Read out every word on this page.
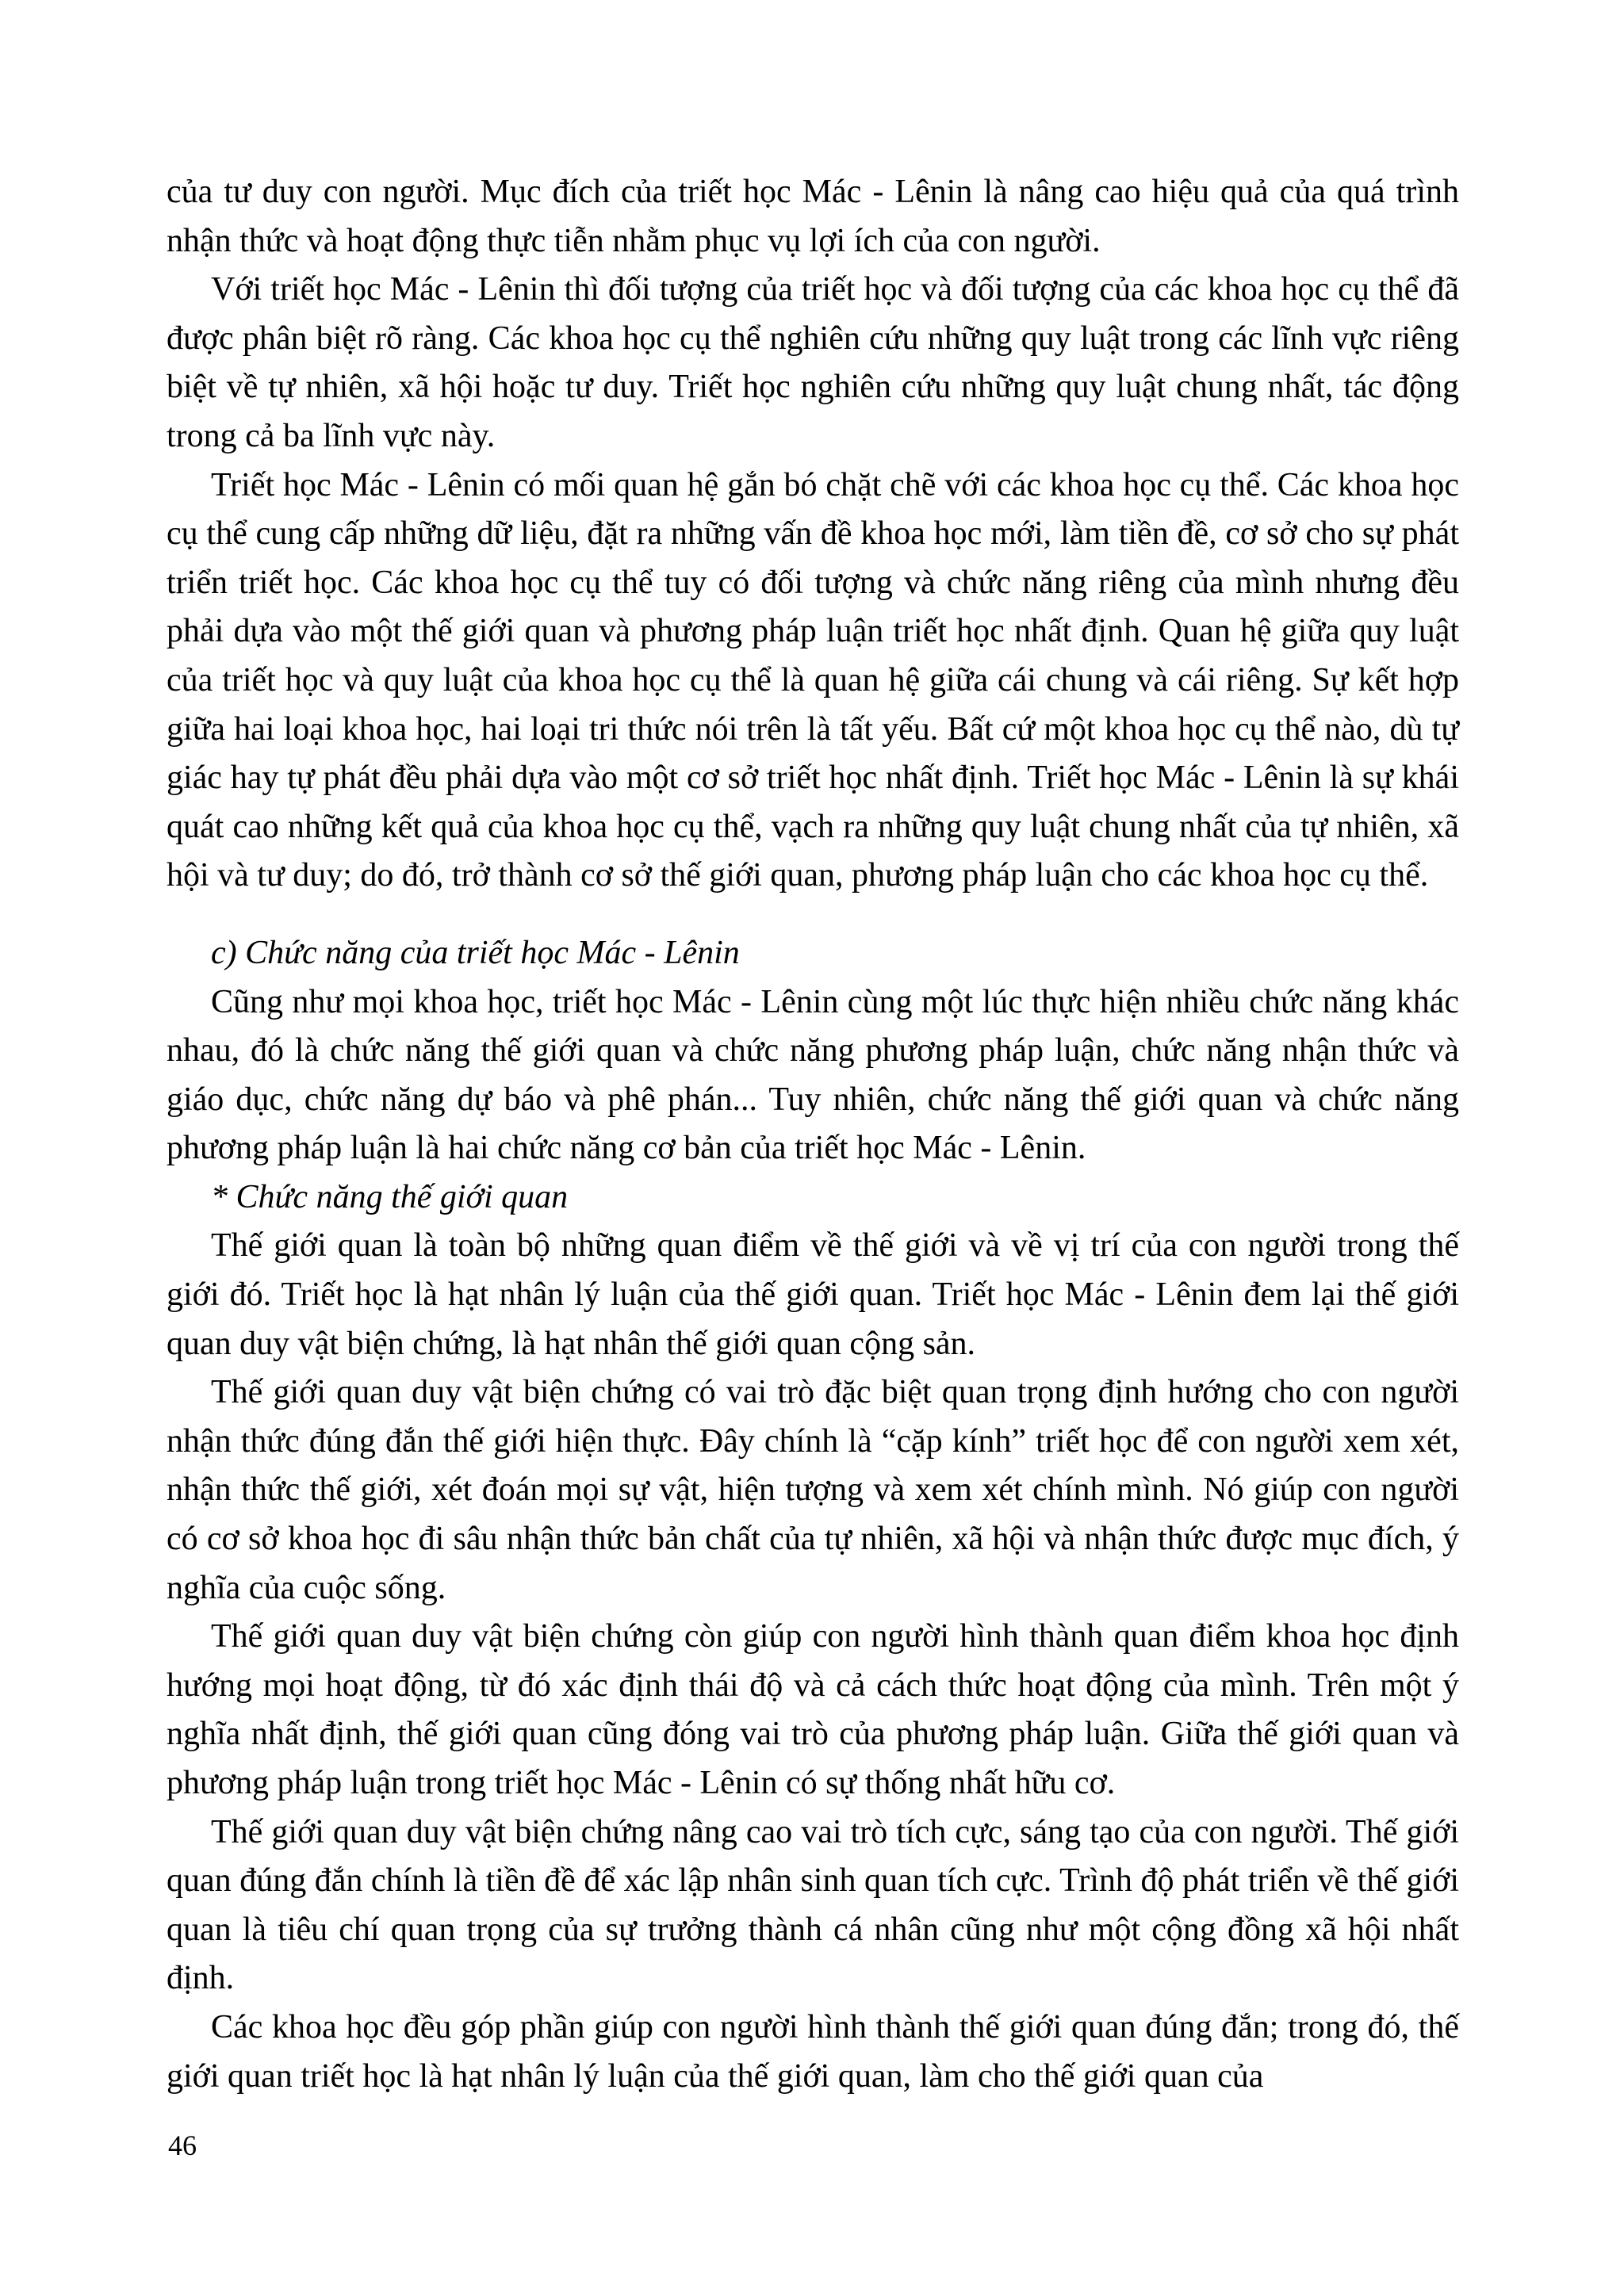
của tư duy con người. Mục đích của triết học Mác - Lênin là nâng cao hiệu quả của quá trình nhận thức và hoạt động thực tiễn nhằm phục vụ lợi ích của con người.

Với triết học Mác - Lênin thì đối tượng của triết học và đối tượng của các khoa học cụ thể đã được phân biệt rõ ràng. Các khoa học cụ thể nghiên cứu những quy luật trong các lĩnh vực riêng biệt về tự nhiên, xã hội hoặc tư duy. Triết học nghiên cứu những quy luật chung nhất, tác động trong cả ba lĩnh vực này.

Triết học Mác - Lênin có mối quan hệ gắn bó chặt chẽ với các khoa học cụ thể. Các khoa học cụ thể cung cấp những dữ liệu, đặt ra những vấn đề khoa học mới, làm tiền đề, cơ sở cho sự phát triển triết học. Các khoa học cụ thể tuy có đối tượng và chức năng riêng của mình nhưng đều phải dựa vào một thế giới quan và phương pháp luận triết học nhất định. Quan hệ giữa quy luật của triết học và quy luật của khoa học cụ thể là quan hệ giữa cái chung và cái riêng. Sự kết hợp giữa hai loại khoa học, hai loại tri thức nói trên là tất yếu. Bất cứ một khoa học cụ thể nào, dù tự giác hay tự phát đều phải dựa vào một cơ sở triết học nhất định. Triết học Mác - Lênin là sự khái quát cao những kết quả của khoa học cụ thể, vạch ra những quy luật chung nhất của tự nhiên, xã hội và tư duy; do đó, trở thành cơ sở thế giới quan, phương pháp luận cho các khoa học cụ thể.

c) Chức năng của triết học Mác - Lênin

Cũng như mọi khoa học, triết học Mác - Lênin cùng một lúc thực hiện nhiều chức năng khác nhau, đó là chức năng thế giới quan và chức năng phương pháp luận, chức năng nhận thức và giáo dục, chức năng dự báo và phê phán... Tuy nhiên, chức năng thế giới quan và chức năng phương pháp luận là hai chức năng cơ bản của triết học Mác - Lênin.

* Chức năng thế giới quan

Thế giới quan là toàn bộ những quan điểm về thế giới và về vị trí của con người trong thế giới đó. Triết học là hạt nhân lý luận của thế giới quan. Triết học Mác - Lênin đem lại thế giới quan duy vật biện chứng, là hạt nhân thế giới quan cộng sản.

Thế giới quan duy vật biện chứng có vai trò đặc biệt quan trọng định hướng cho con người nhận thức đúng đắn thế giới hiện thực. Đây chính là “cặp kính” triết học để con người xem xét, nhận thức thế giới, xét đoán mọi sự vật, hiện tượng và xem xét chính mình. Nó giúp con người có cơ sở khoa học đi sâu nhận thức bản chất của tự nhiên, xã hội và nhận thức được mục đích, ý nghĩa của cuộc sống.

Thế giới quan duy vật biện chứng còn giúp con người hình thành quan điểm khoa học định hướng mọi hoạt động, từ đó xác định thái độ và cả cách thức hoạt động của mình. Trên một ý nghĩa nhất định, thế giới quan cũng đóng vai trò của phương pháp luận. Giữa thế giới quan và phương pháp luận trong triết học Mác - Lênin có sự thống nhất hữu cơ.

Thế giới quan duy vật biện chứng nâng cao vai trò tích cực, sáng tạo của con người. Thế giới quan đúng đắn chính là tiền đề để xác lập nhân sinh quan tích cực. Trình độ phát triển về thế giới quan là tiêu chí quan trọng của sự trưởng thành cá nhân cũng như một cộng đồng xã hội nhất định.

Các khoa học đều góp phần giúp con người hình thành thế giới quan đúng đắn; trong đó, thế giới quan triết học là hạt nhân lý luận của thế giới quan, làm cho thế giới quan của

46
